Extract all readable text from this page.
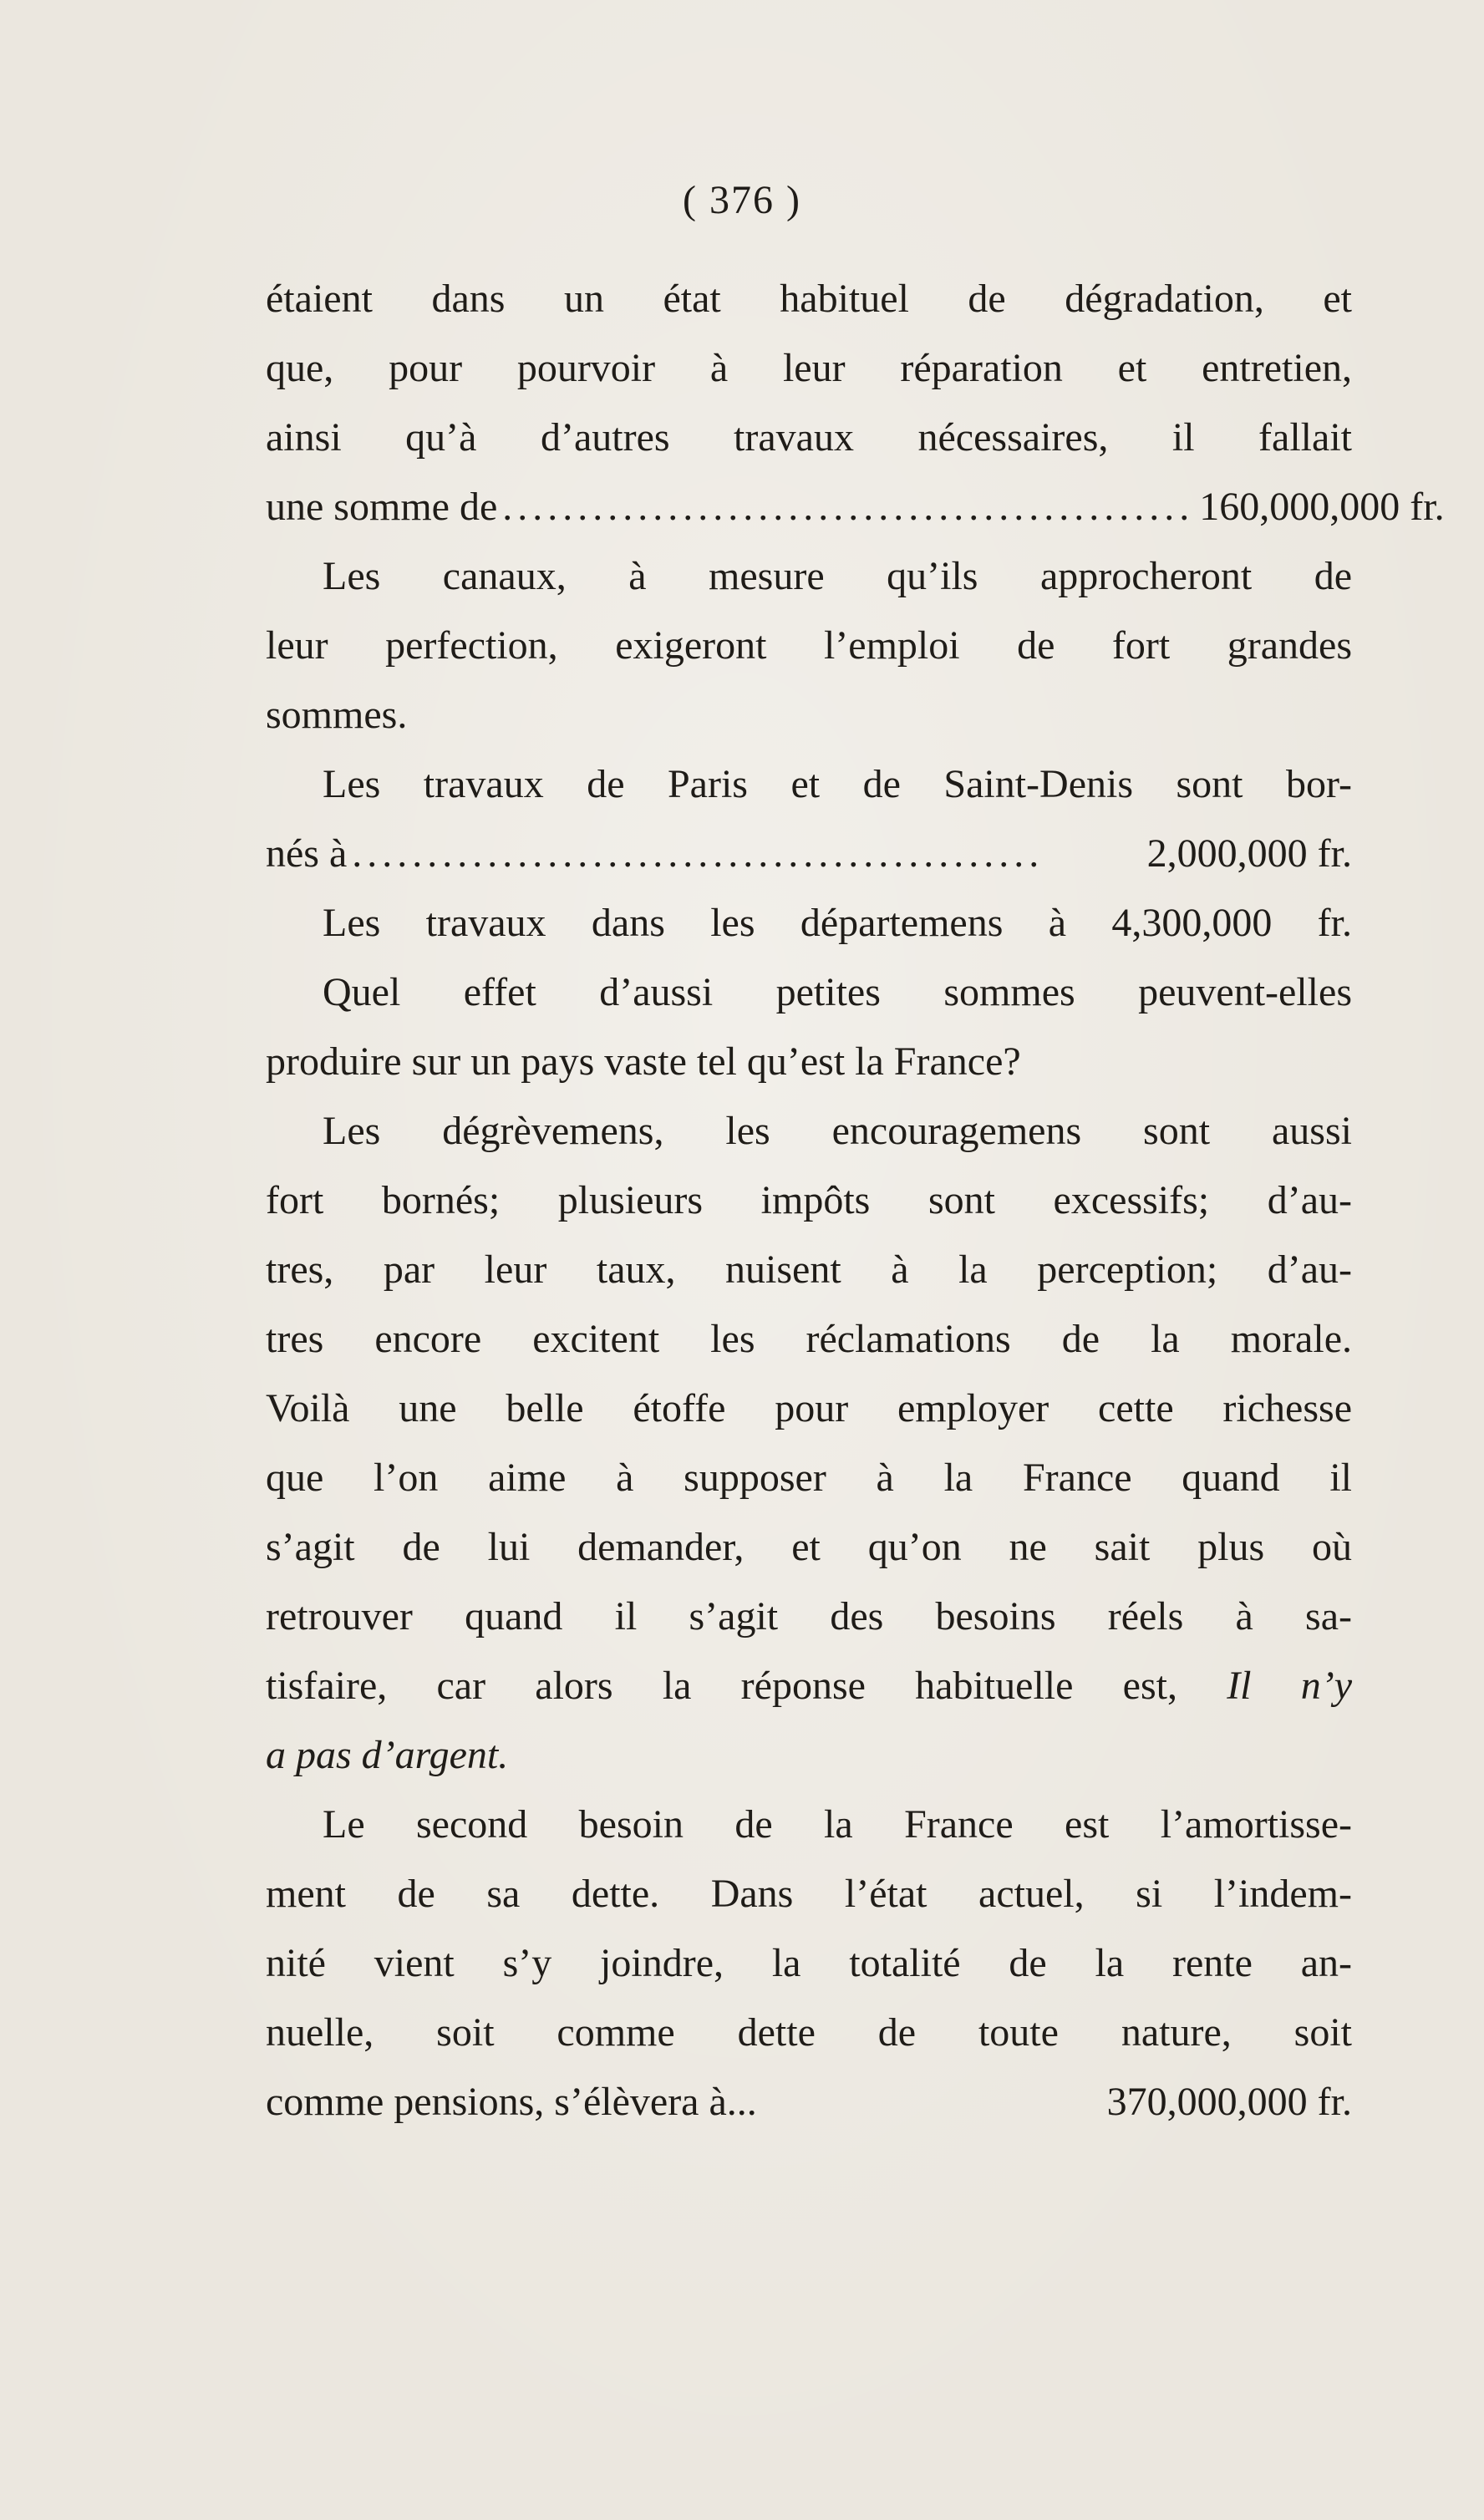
( 376 )
étaient dans un état habituel de dégradation, et
que, pour pourvoir à leur réparation et entretien,
ainsi qu’à d’autres travaux nécessaires, il fallait
une somme de .............................................. 160,000,000 fr.
Les canaux, à mesure qu’ils approcheront de
leur perfection, exigeront l’emploi de fort grandes
sommes.
Les travaux de Paris et de Saint-Denis sont bor-
nés à ..............................................	2,000,000 fr.
Les travaux dans les départemens à 4,300,000 fr.
Quel effet d’aussi petites sommes peuvent-elles
produire sur un pays vaste tel qu’est la France?
Les dégrèvemens, les encouragemens sont aussi
fort bornés; plusieurs impôts sont excessifs; d’au-
tres, par leur taux, nuisent à la perception; d’au-
tres encore excitent les réclamations de la morale.
Voilà une belle étoffe pour employer cette richesse
que l’on aime à supposer à la France quand il
s’agit de lui demander, et qu’on ne sait plus où
retrouver quand il s’agit des besoins réels à sa-
tisfaire, car alors la réponse habituelle est, Il n’y
a pas d’argent.
Le second besoin de la France est l’amortisse-
ment de sa dette. Dans l’état actuel, si l’indem-
nité vient s’y joindre, la totalité de la rente an-
nuelle, soit comme dette de toute nature, soit
comme pensions, s’élèvera à...	370,000,000 fr.
